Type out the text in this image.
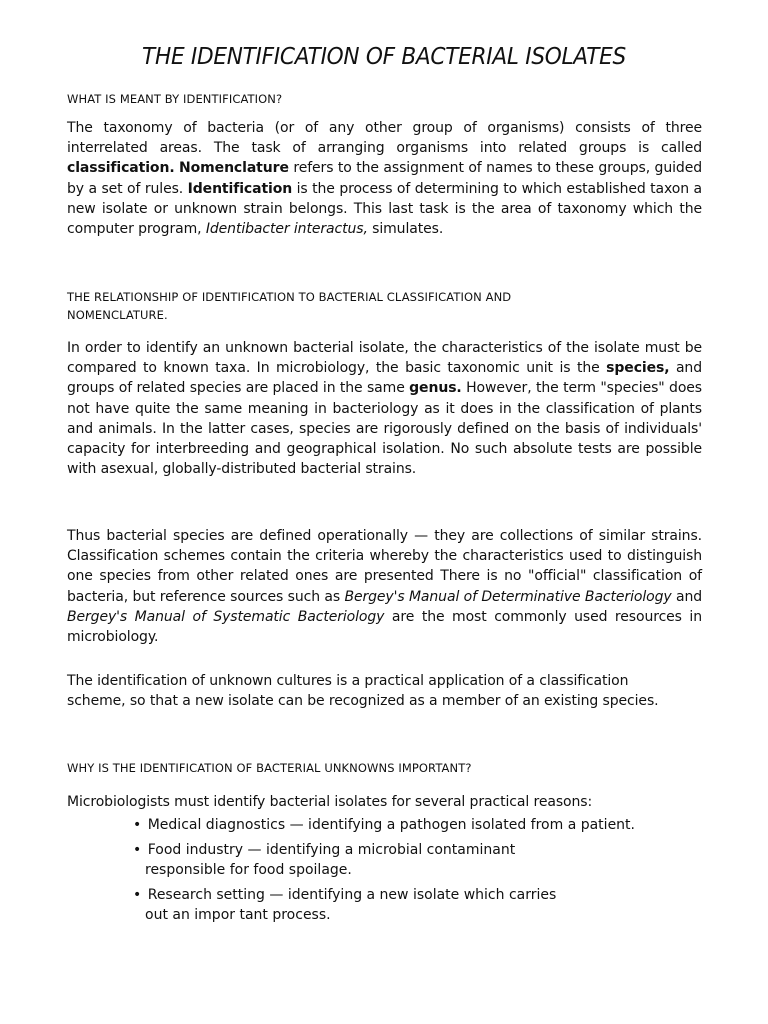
THE IDENTIFICATION OF BACTERIAL ISOLATES
WHAT IS MEANT BY IDENTIFICATION?

The taxonomy of bacteria (or of any other group of organisms) consists of three interrelated areas. The task of arranging organisms into related groups is called classification. Nomenclature refers to the assignment of names to these groups, guided by a set of rules. Identification is the process of determining to which established taxon a new isolate or unknown strain belongs. This last task is the area of taxonomy which the computer program, Identibacter interactus, simulates.

THE RELATIONSHIP OF IDENTIFICATION TO BACTERIAL CLASSIFICATION AND
NOMENCLATURE.

In order to identify an unknown bacterial isolate, the characteristics of the isolate must be compared to known taxa. In microbiology, the basic taxonomic unit is the species, and groups of related species are placed in the same genus. However, the term "species" does not have quite the same meaning in bacteriology as it does in the classification of plants and animals. In the latter cases, species are rigorously defined on the basis of individuals' capacity for interbreeding and geographical isolation. No such absolute tests are possible with asexual, globally-distributed bacterial strains.

Thus bacterial species are defined operationally — they are collections of similar strains. Classification schemes contain the criteria whereby the characteristics used to distinguish one species from other related ones are presented There is no "official" classification of bacteria, but reference sources such as Bergey's Manual of Determinative Bacteriology and Bergey's Manual of Systematic Bacteriology are the most commonly used resources in microbiology.

The identification of unknown cultures is a practical application of a classification scheme, so that a new isolate can be recognized as a member of an existing species.

WHY IS THE IDENTIFICATION OF BACTERIAL UNKNOWNS IMPORTANT?

Microbiologists must identify bacterial isolates for several practical reasons:

• Medical diagnostics — identifying a pathogen isolated from a patient.
• Food industry — identifying a microbial contaminant
responsible for food spoilage.
• Research setting — identifying a new isolate which carries
out an impor tant process.
